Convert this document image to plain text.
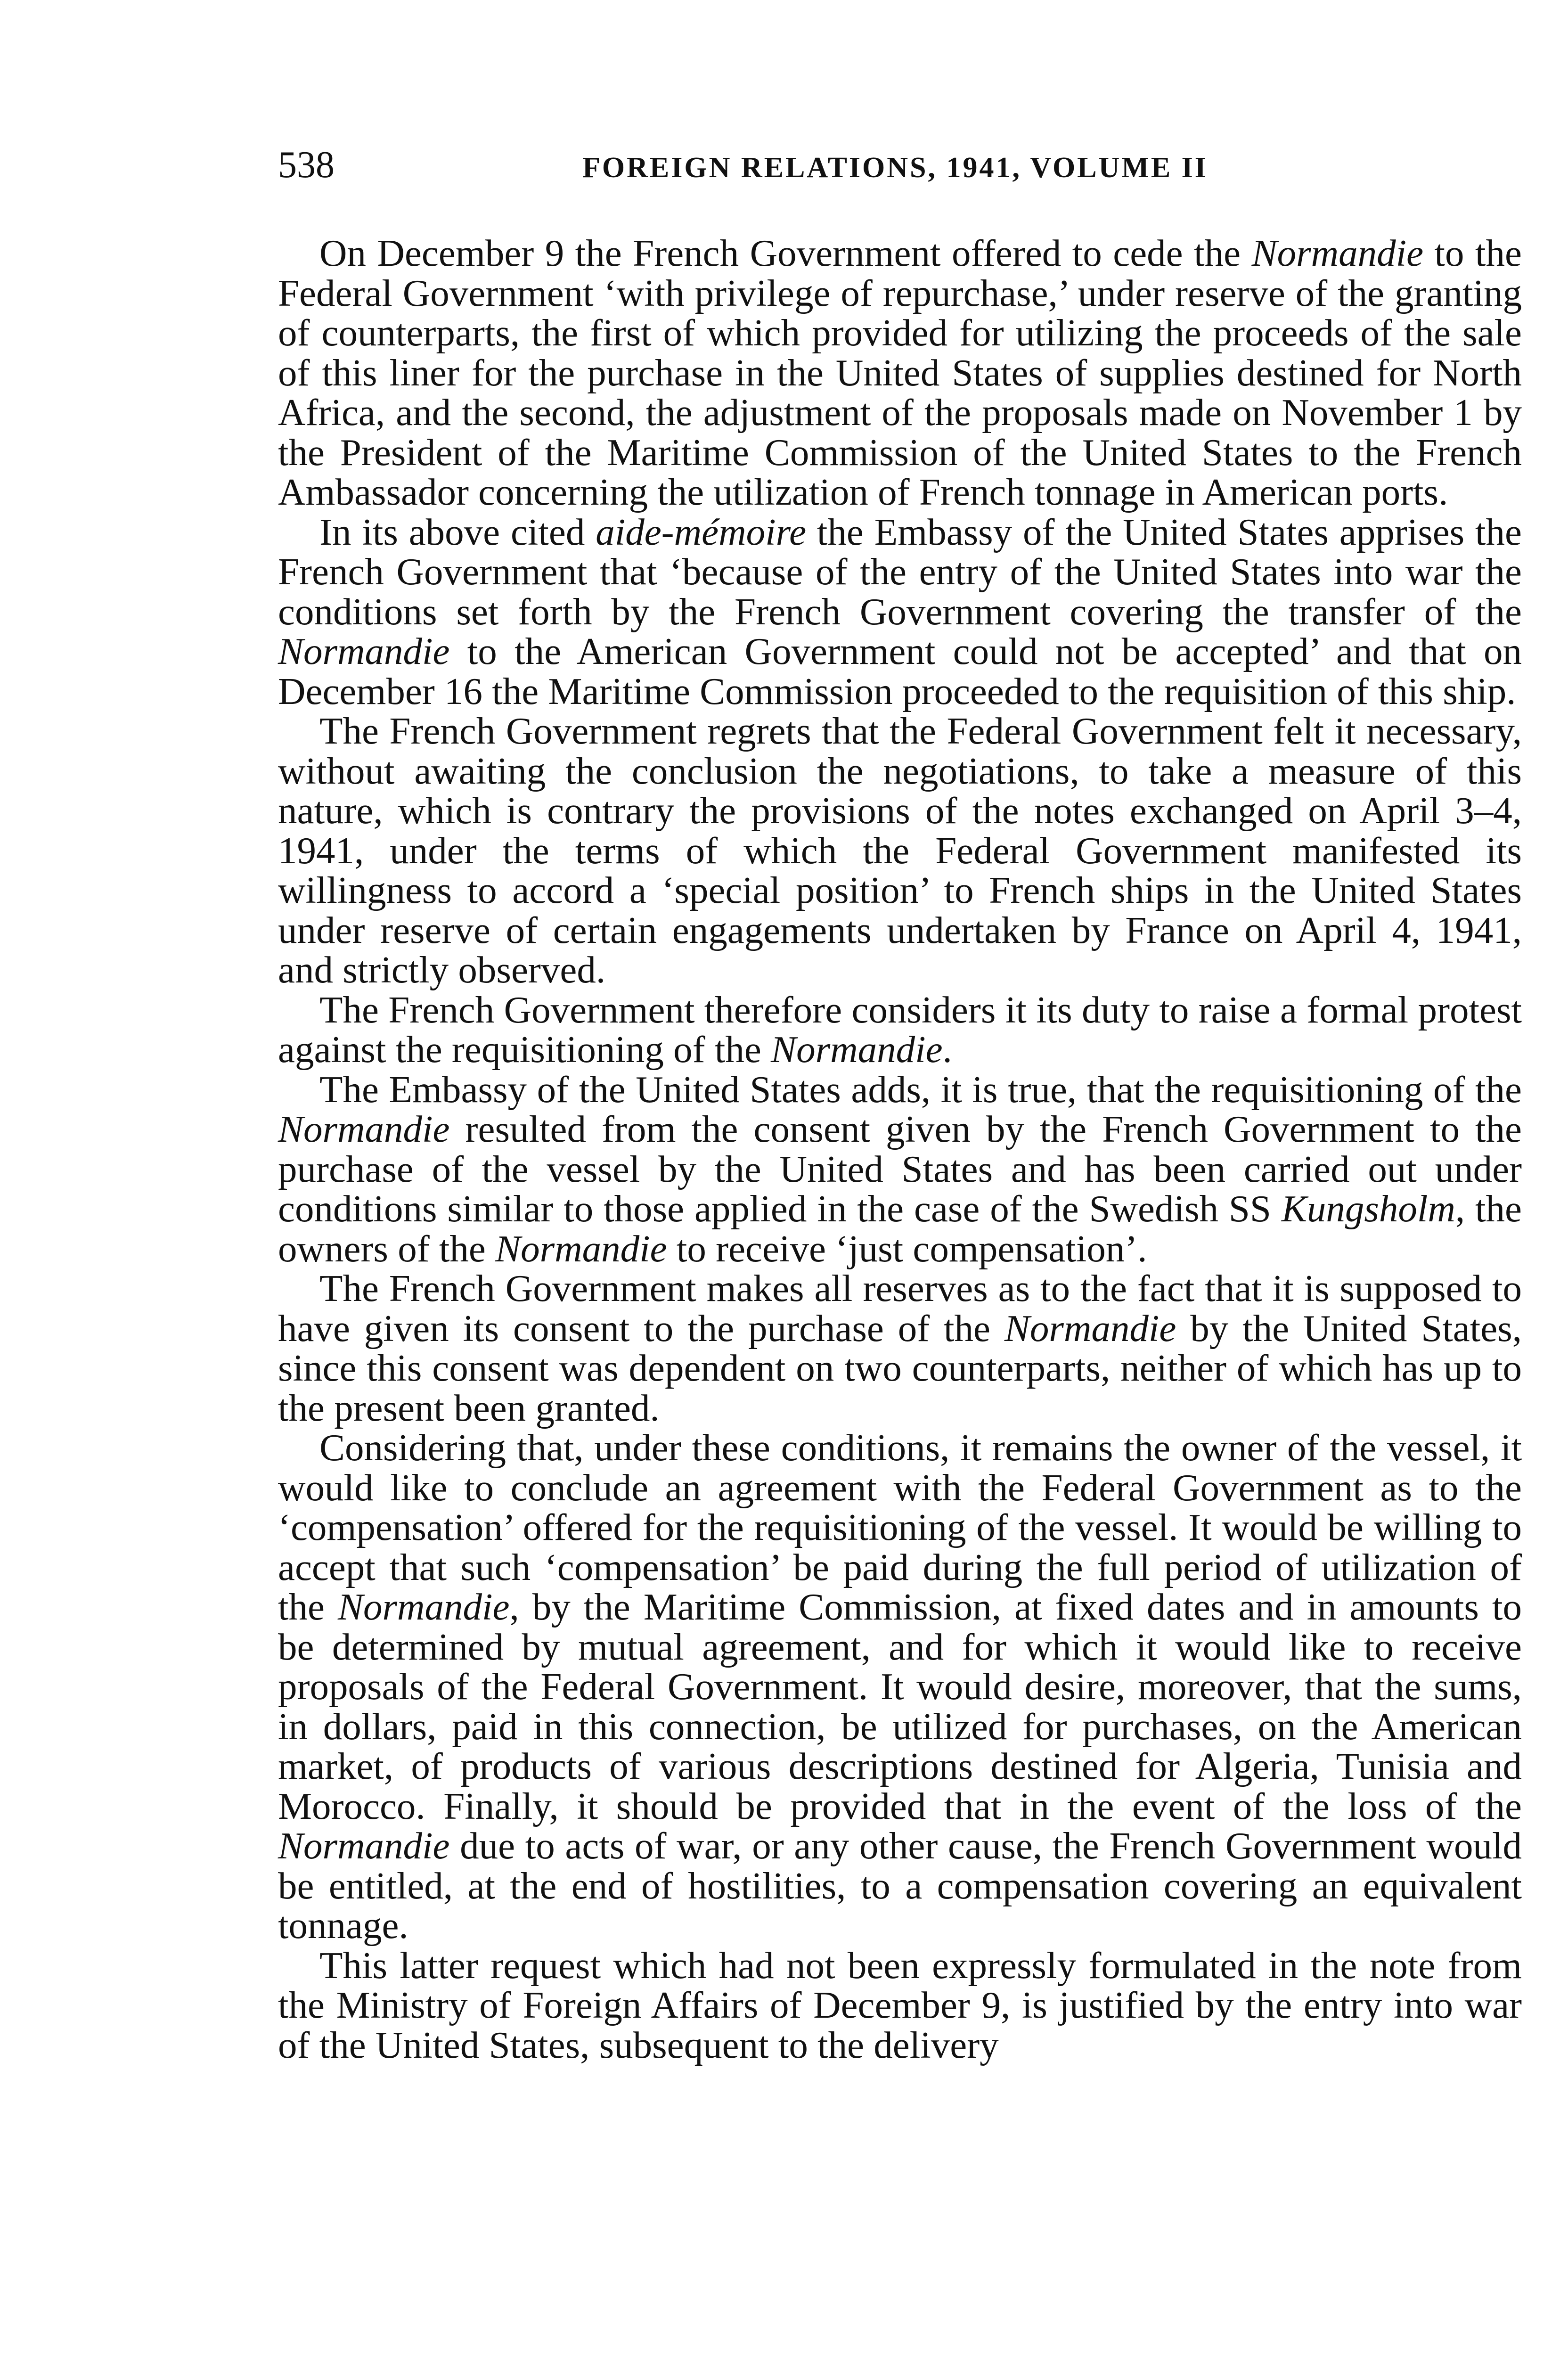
538	FOREIGN RELATIONS, 1941, VOLUME II

On December 9 the French Government offered to cede the Normandie to the Federal Government ‘with privilege of repurchase,’ under reserve of the granting of counterparts, the first of which provided for utilizing the proceeds of the sale of this liner for the purchase in the United States of supplies destined for North Africa, and the second, the adjustment of the proposals made on November 1 by the President of the Maritime Commission of the United States to the French Ambassador concerning the utilization of French tonnage in American ports.

In its above cited aide-mémoire the Embassy of the United States apprises the French Government that ‘because of the entry of the United States into war the conditions set forth by the French Government covering the transfer of the Normandie to the American Government could not be accepted’ and that on December 16 the Maritime Commission proceeded to the requisition of this ship.

The French Government regrets that the Federal Government felt it necessary, without awaiting the conclusion the negotiations, to take a measure of this nature, which is contrary the provisions of the notes exchanged on April 3–4, 1941, under the terms of which the Federal Government manifested its willingness to accord a ‘special position’ to French ships in the United States under reserve of certain engagements undertaken by France on April 4, 1941, and strictly observed.

The French Government therefore considers it its duty to raise a formal protest against the requisitioning of the Normandie.

The Embassy of the United States adds, it is true, that the requisitioning of the Normandie resulted from the consent given by the French Government to the purchase of the vessel by the United States and has been carried out under conditions similar to those applied in the case of the Swedish SS Kungsholm, the owners of the Normandie to receive ‘just compensation’.

The French Government makes all reserves as to the fact that it is supposed to have given its consent to the purchase of the Normandie by the United States, since this consent was dependent on two counterparts, neither of which has up to the present been granted.

Considering that, under these conditions, it remains the owner of the vessel, it would like to conclude an agreement with the Federal Government as to the ‘compensation’ offered for the requisitioning of the vessel. It would be willing to accept that such ‘compensation’ be paid during the full period of utilization of the Normandie, by the Maritime Commission, at fixed dates and in amounts to be determined by mutual agreement, and for which it would like to receive proposals of the Federal Government. It would desire, moreover, that the sums, in dollars, paid in this connection, be utilized for purchases, on the American market, of products of various descriptions destined for Algeria, Tunisia and Morocco. Finally, it should be provided that in the event of the loss of the Normandie due to acts of war, or any other cause, the French Government would be entitled, at the end of hostilities, to a compensation covering an equivalent tonnage.

This latter request which had not been expressly formulated in the note from the Ministry of Foreign Affairs of December 9, is justified by the entry into war of the United States, subsequent to the delivery
